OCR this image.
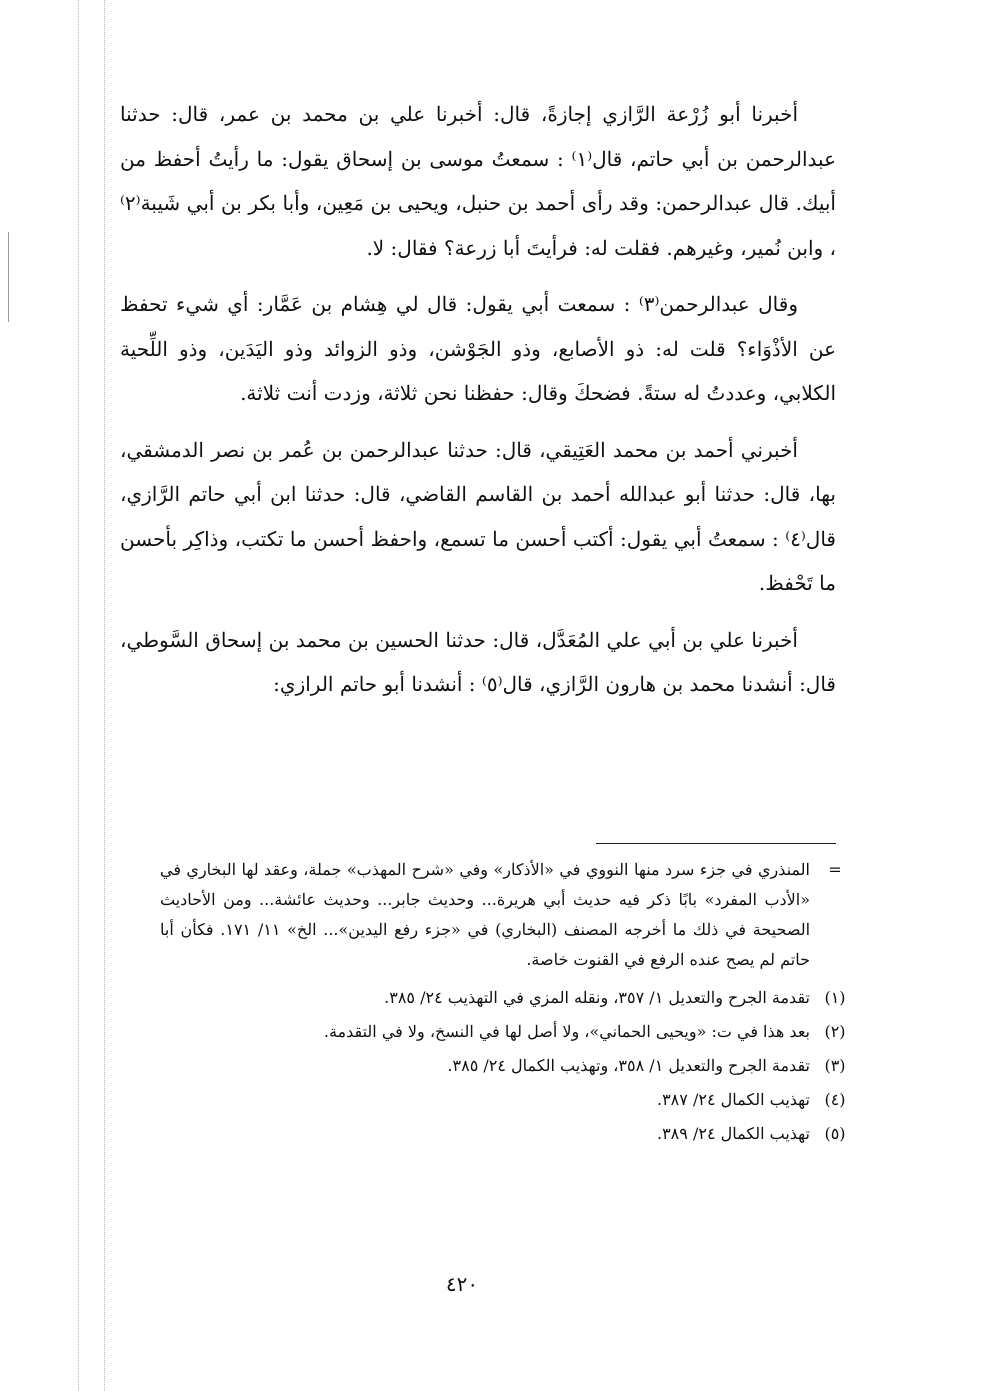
أخبرنا أبو زُرْعة الرَّازي إجازةً، قال: أخبرنا علي بن محمد بن عمر، قال: حدثنا عبدالرحمن بن أبي حاتم، قال⁽١⁾ : سمعتُ موسى بن إسحاق يقول: ما رأيتُ أحفظ من أبيك. قال عبدالرحمن: وقد رأى أحمد بن حنبل، ويحيى بن مَعِين، وأبا بكر بن أبي شَيبة⁽٢⁾ ، وابن نُمير، وغيرهم. فقلت له: فرأيتَ أبا زرعة؟ فقال: لا.

وقال عبدالرحمن⁽٣⁾ : سمعت أبي يقول: قال لي هِشام بن عَمَّار: أي شيء تحفظ عن الأذْوَاء؟ قلت له: ذو الأصابع، وذو الجَوْشن، وذو الزوائد وذو اليَدَين، وذو اللِّحية الكلابي، وعددتُ له ستةً. فضحكَ وقال: حفظنا نحن ثلاثة، وزدت أنت ثلاثة.

أخبرني أحمد بن محمد العَتِيقي، قال: حدثنا عبدالرحمن بن عُمر بن نصر الدمشقي، بها، قال: حدثنا أبو عبدالله أحمد بن القاسم القاضي، قال: حدثنا ابن أبي حاتم الرَّازي، قال⁽٤⁾ : سمعتُ أبي يقول: أكتب أحسن ما تسمع، واحفظ أحسن ما تكتب، وذاكِر بأحسن ما تَحْفظ.

أخبرنا علي بن أبي علي المُعَدَّل، قال: حدثنا الحسين بن محمد بن إسحاق السَّوطي، قال: أنشدنا محمد بن هارون الرَّازي، قال⁽٥⁾ : أنشدنا أبو حاتم الرازي:

=
المنذري في جزء سرد منها النووي في «الأذكار» وفي «شرح المهذب» جملة، وعقد لها البخاري في «الأدب المفرد» بابًا ذكر فيه حديث أبي هريرة... وحديث جابر... وحديث عائشة... ومن الأحاديث الصحيحة في ذلك ما أخرجه المصنف (البخاري) في «جزء رفع اليدين»... الخ» ١١/ ١٧١. فكأن أبا حاتم لم يصح عنده الرفع في القنوت خاصة.
(١)
تقدمة الجرح والتعديل ١/ ٣٥٧، ونقله المزي في التهذيب ٢٤/ ٣٨٥.
(٢)
بعد هذا في ت: «ويحيى الحماني»، ولا أصل لها في النسخ، ولا في التقدمة.
(٣)
تقدمة الجرح والتعديل ١/ ٣٥٨، وتهذيب الكمال ٢٤/ ٣٨٥.
(٤)
تهذيب الكمال ٢٤/ ٣٨٧.
(٥)
تهذيب الكمال ٢٤/ ٣٨٩.
٤٢٠
